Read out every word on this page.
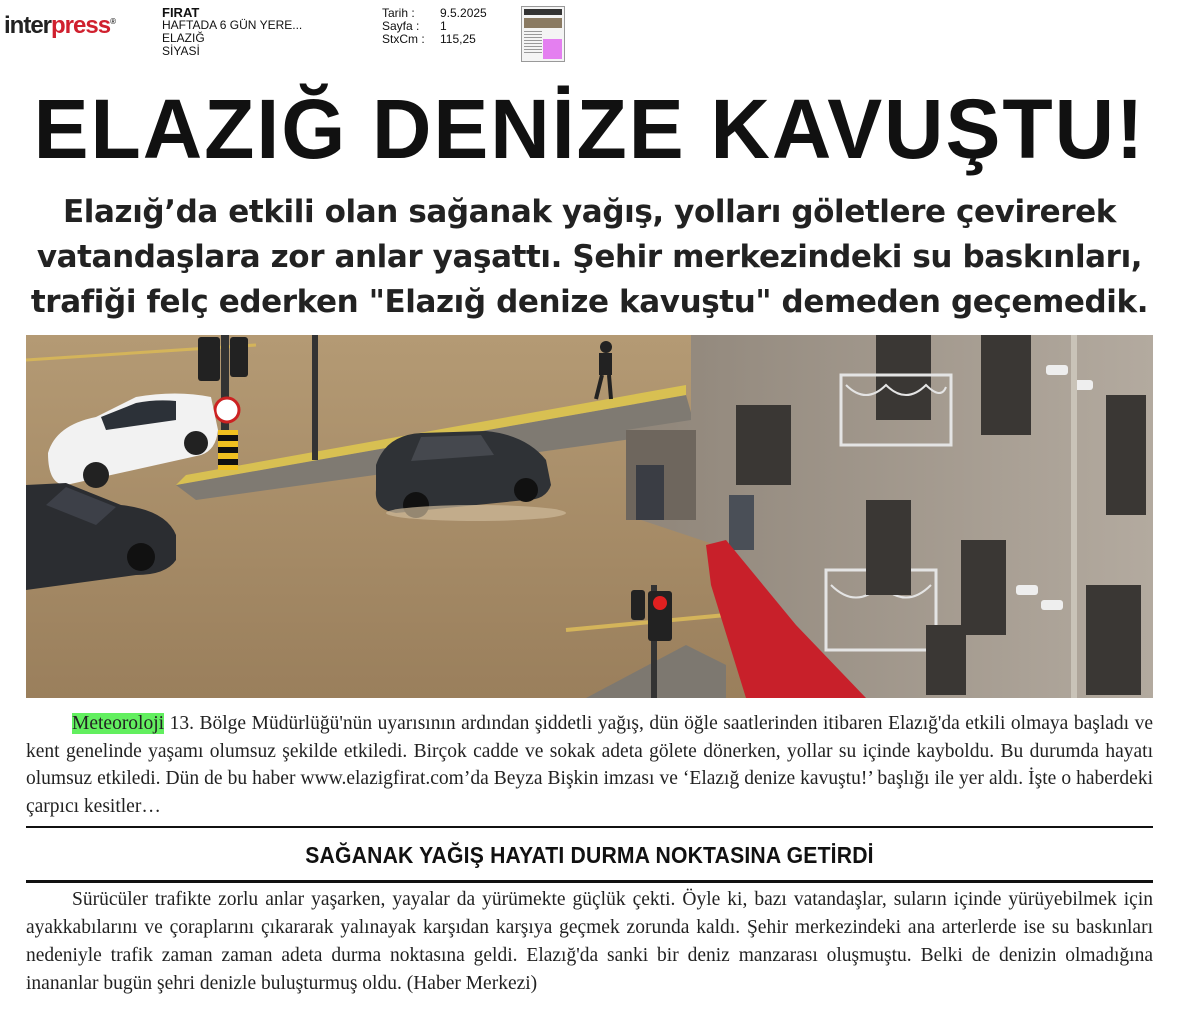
interpress®
FIRAT
HAFTADA 6 GÜN YERE...
ELAZIĞ
SİYASİ
Tarih :	9.5.2025
Sayfa :	1
StxCm :	115,25
ELAZIĞ DENİZE KAVUŞTU!
Elazığ’da etkili olan sağanak yağış, yolları göletlere çevirerek vatandaşlara zor anlar yaşattı. Şehir merkezindeki su baskınları, trafiği felç ederken "Elazığ denize kavuştu" demeden geçemedik.
Meteoroloji 13. Bölge Müdürlüğü'nün uyarısının ardından şiddetli yağış, dün öğle saatlerinden itibaren Elazığ'da etkili olmaya başladı ve kent genelinde yaşamı olumsuz şekilde etkiledi. Birçok cadde ve sokak adeta gölete dönerken, yollar su içinde kayboldu. Bu durumda hayatı olumsuz etkiledi. Dün de bu haber www.elazigfirat.com’da Beyza Bişkin imzası ve ‘Elazığ denize kavuştu!’ başlığı ile yer aldı. İşte o haberdeki çarpıcı kesitler…
SAĞANAK YAĞIŞ HAYATI DURMA NOKTASINA GETİRDİ
Sürücüler trafikte zorlu anlar yaşarken, yayalar da yürümekte güçlük çekti. Öyle ki, bazı vatandaşlar, suların içinde yürüyebilmek için ayakkabılarını ve çoraplarını çıkararak yalınayak karşıdan karşıya geçmek zorunda kaldı. Şehir merkezindeki ana arterlerde ise su baskınları nedeniyle trafik zaman zaman adeta durma noktasına geldi. Elazığ'da sanki bir deniz manzarası oluşmuştu. Belki de denizin olmadığına inananlar bugün şehri denizle buluşturmuş oldu. (Haber Merkezi)
